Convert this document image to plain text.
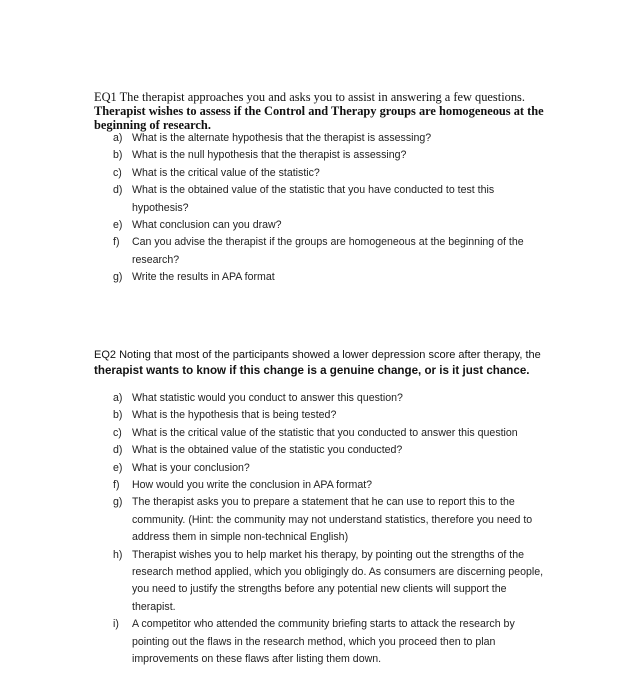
EQ1 The therapist approaches you and asks you to assist in answering a few questions. Therapist wishes to assess if the Control and Therapy groups are homogeneous at the beginning of research.
a) What is the alternate hypothesis that the therapist is assessing?
b) What is the null hypothesis that the therapist is assessing?
c) What is the critical value of the statistic?
d) What is the obtained value of the statistic that you have conducted to test this hypothesis?
e) What conclusion can you draw?
f) Can you advise the therapist if the groups are homogeneous at the beginning of the research?
g) Write the results in APA format
EQ2 Noting that most of the participants showed a lower depression score after therapy, the therapist wants to know if this change is a genuine change, or is it just chance.
a) What statistic would you conduct to answer this question?
b) What is the hypothesis that is being tested?
c) What is the critical value of the statistic that you conducted to answer this question
d) What is the obtained value of the statistic you conducted?
e) What is your conclusion?
f) How would you write the conclusion in APA format?
g) The therapist asks you to prepare a statement that he can use to report this to the community. (Hint: the community may not understand statistics, therefore you need to address them in simple non-technical English)
h) Therapist wishes you to help market his therapy, by pointing out the strengths of the research method applied, which you obligingly do. As consumers are discerning people, you need to justify the strengths before any potential new clients will support the therapist.
i) A competitor who attended the community briefing starts to attack the research by pointing out the flaws in the research method, which you proceed then to plan improvements on these flaws after listing them down.
